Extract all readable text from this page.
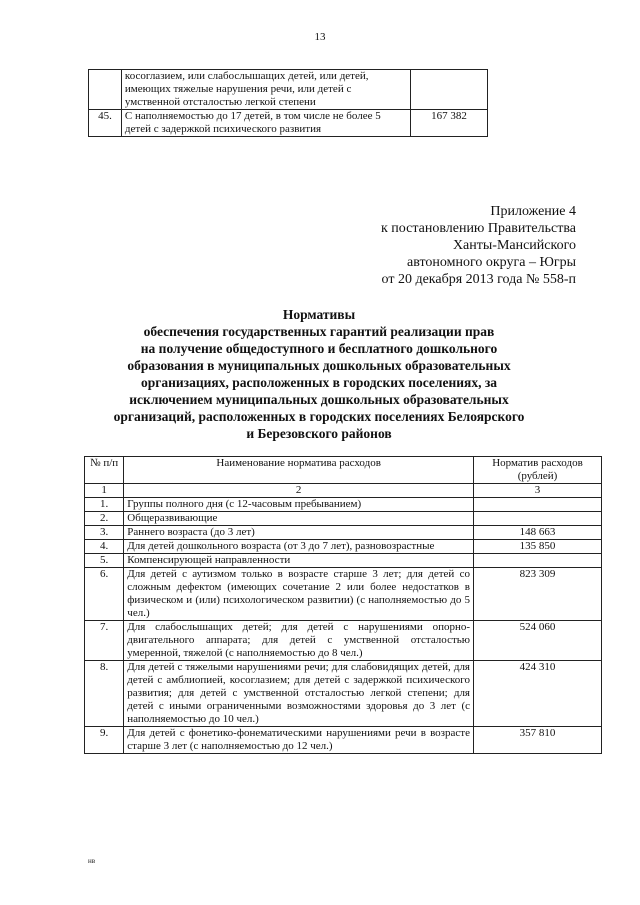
13
	косоглазием, или слабослышащих детей, или детей, имеющих тяжелые нарушения речи, или детей с умственной отсталостью легкой степени	
45.	С наполняемостью до 17 детей, в том числе не более 5 детей с задержкой психического развития	167 382
Приложение 4
к постановлению Правительства
Ханты-Мансийского
автономного округа – Югры
от 20 декабря 2013 года № 558-п
Нормативы
обеспечения государственных гарантий реализации прав
на получение общедоступного и бесплатного дошкольного
образования в муниципальных дошкольных образовательных
организациях, расположенных в городских поселениях, за
исключением муниципальных дошкольных образовательных
организаций, расположенных в городских поселениях Белоярского
и Березовского районов
№ п/п	Наименование норматива расходов	Норматив расходов (рублей)
1	2	3
1.	Группы полного дня (с 12-часовым пребыванием)	
2.	Общеразвивающие	
3.	Раннего возраста (до 3 лет)	148 663
4.	Для детей дошкольного возраста (от 3 до 7 лет), разновозрастные	135 850
5.	Компенсирующей направленности	
6.	Для детей с аутизмом только в возрасте старше 3 лет; для детей со сложным дефектом (имеющих сочетание 2 или более недостатков в физическом и (или) психологическом развитии) (с наполняемостью до 5 чел.)	823 309
7.	Для слабослышащих детей; для детей с нарушениями опорно-двигательного аппарата; для детей с умственной отсталостью умеренной, тяжелой (с наполняемостью до 8 чел.)	524 060
8.	Для детей с тяжелыми нарушениями речи; для слабовидящих детей, для детей с амблиопией, косоглазием; для детей с задержкой психического развития; для детей с умственной отсталостью легкой степени; для детей с иными ограниченными возможностями здоровья до 3 лет (с наполняемостью до 10 чел.)	424 310
9.	Для детей с фонетико-фонематическими нарушениями речи в возрасте старше 3 лет (с наполняемостью до 12 чел.)	357 810
нв
